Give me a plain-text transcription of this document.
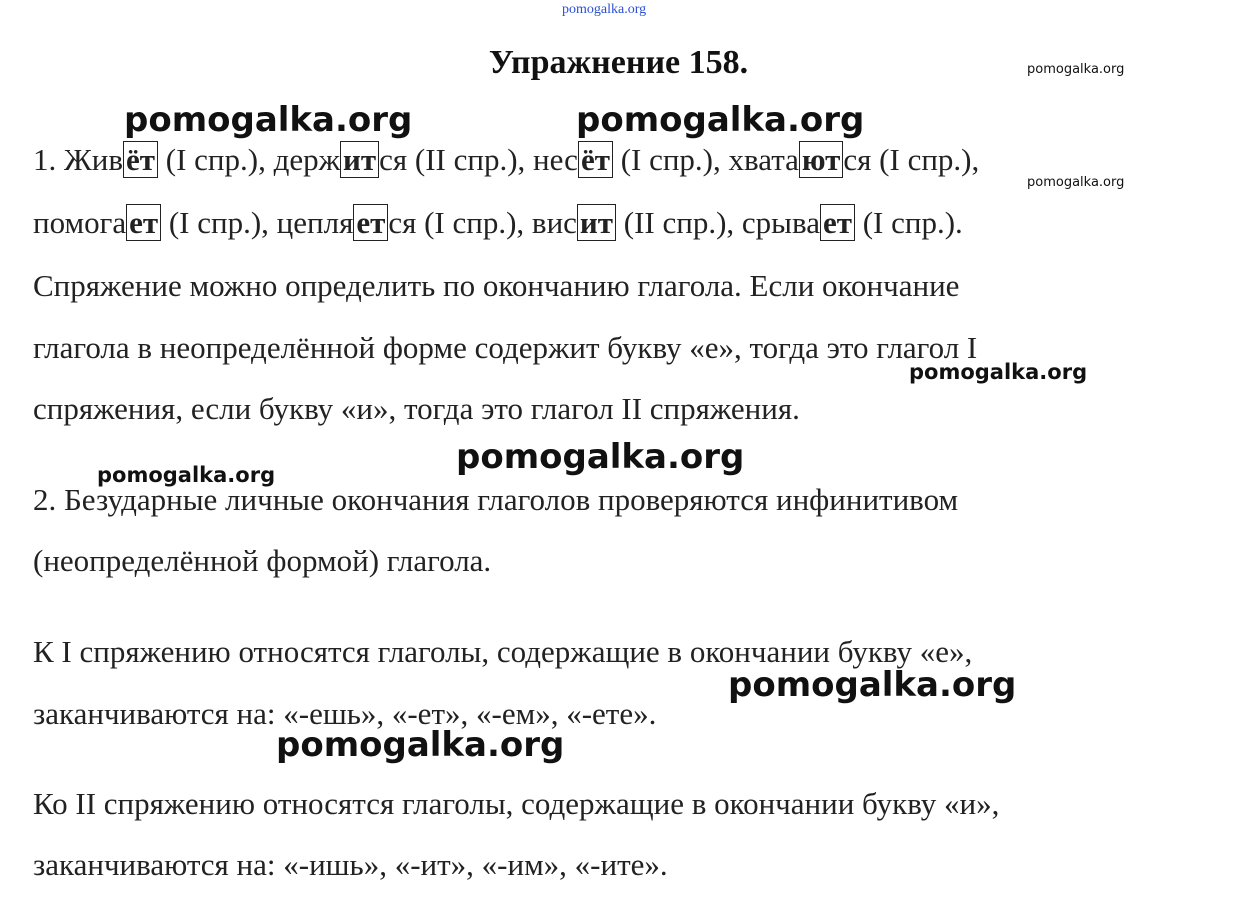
pomogalka.org
Упражнение 158.	pomogalka.org
pomogalka.org	pomogalka.org
pomogalka.org
1. Живёт (I спр.), держится (II спр.), несёт (I спр.), хватаются (I спр.),
помогает (I спр.), цепляется (I спр.), висит (II спр.), срывает (I спр.).
Спряжение можно определить по окончанию глагола. Если окончание
глагола в неопределённой форме содержит букву «е», тогда это глагол I
pomogalka.org
спряжения, если букву «и», тогда это глагол II спряжения.
pomogalka.org
pomogalka.org
2. Безударные личные окончания глаголов проверяются инфинитивом
(неопределённой формой) глагола.
К I спряжению относятся глаголы, содержащие в окончании букву «е»,
pomogalka.org
заканчиваются на: «-ешь», «-ет», «-ем», «-ете».
pomogalka.org
Ко II спряжению относятся глаголы, содержащие в окончании букву «и»,
заканчиваются на: «-ишь», «-ит», «-им», «-ите».
